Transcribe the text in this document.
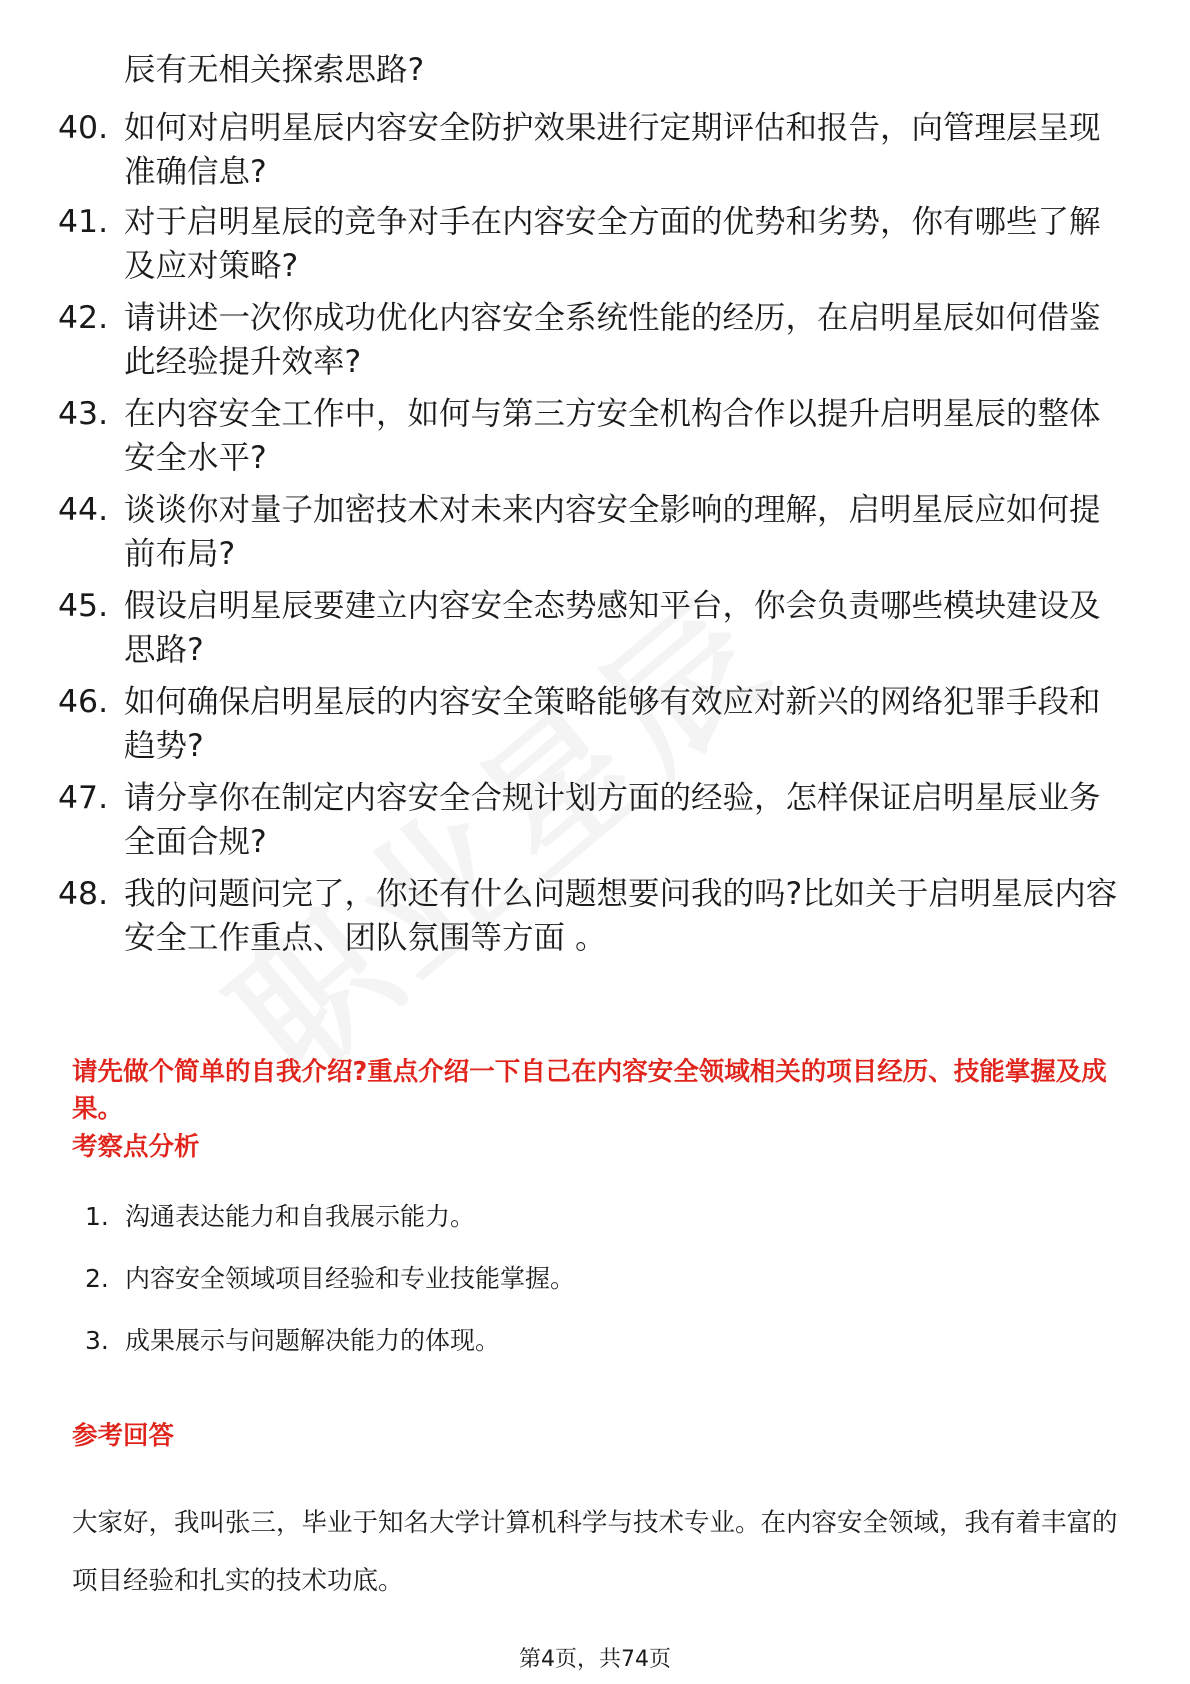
辰有无相关探索思路?
40. 如何对启明星辰内容安全防护效果进行定期评估和报告，向管理层呈现准确信息?
41. 对于启明星辰的竞争对手在内容安全方面的优势和劣势，你有哪些了解及应对策略?
42. 请讲述一次你成功优化内容安全系统性能的经历，在启明星辰如何借鉴此经验提升效率?
43. 在内容安全工作中，如何与第三方安全机构合作以提升启明星辰的整体安全水平?
44. 谈谈你对量子加密技术对未来内容安全影响的理解，启明星辰应如何提前布局?
45. 假设启明星辰要建立内容安全态势感知平台，你会负责哪些模块建设及思路?
46. 如何确保启明星辰的内容安全策略能够有效应对新兴的网络犯罪手段和趋势?
47. 请分享你在制定内容安全合规计划方面的经验，怎样保证启明星辰业务全面合规?
48. 我的问题问完了，你还有什么问题想要问我的吗?比如关于启明星辰内容安全工作重点、团队氛围等方面 。
请先做个简单的自我介绍?重点介绍一下自己在内容安全领域相关的项目经历、技能掌握及成果。
考察点分析
1. 沟通表达能力和自我展示能力。
2. 内容安全领域项目经验和专业技能掌握。
3. 成果展示与问题解决能力的体现。
参考回答
大家好，我叫张三，毕业于知名大学计算机科学与技术专业。在内容安全领域，我有着丰富的项目经验和扎实的技术功底。
第4页，共74页
